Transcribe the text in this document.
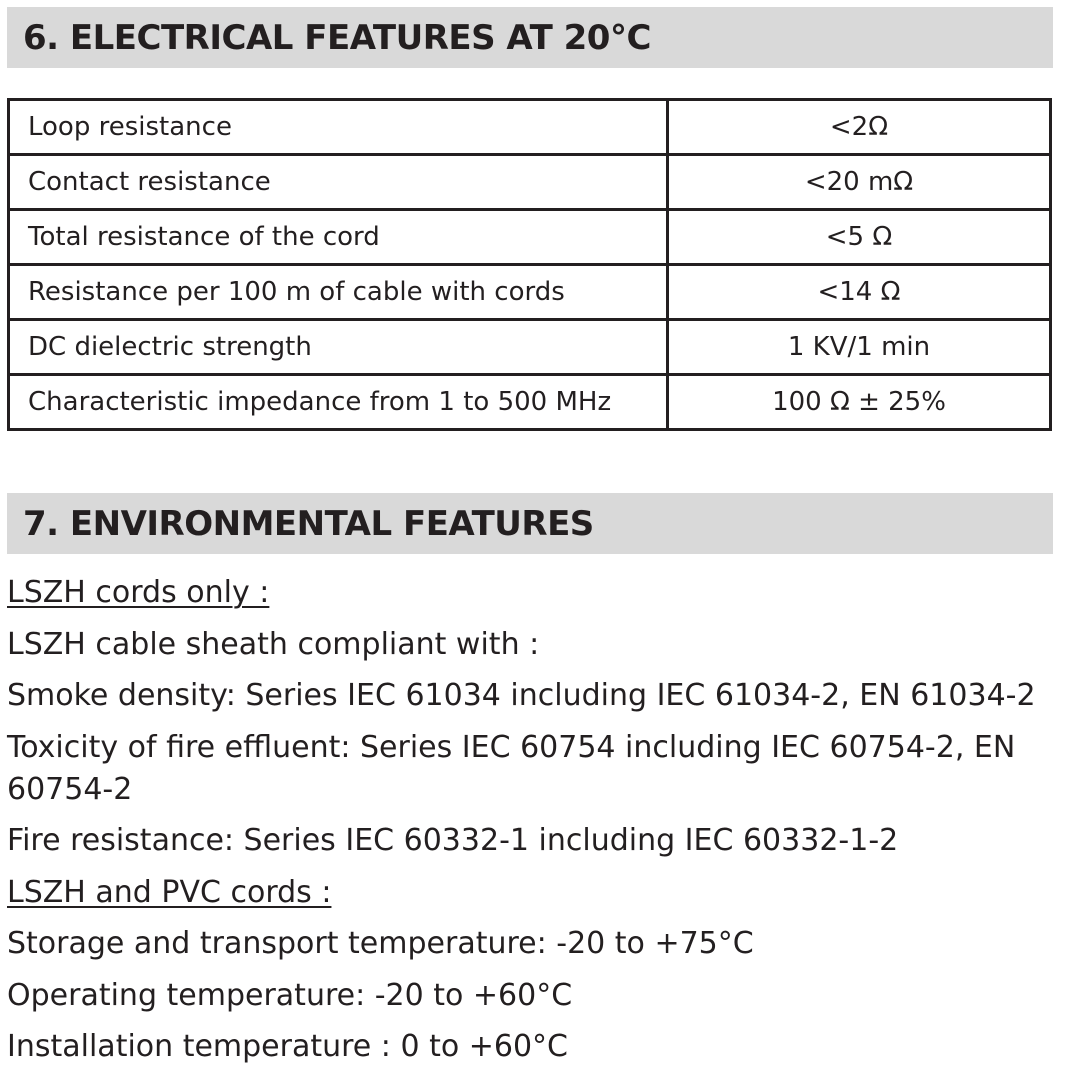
6. ELECTRICAL FEATURES AT 20°C
Loop resistance	<2Ω
Contact resistance	<20 mΩ
Total resistance of the cord	<5 Ω
Resistance per 100 m of cable with cords	<14 Ω
DC dielectric strength	1 KV/1 min
Characteristic impedance from 1 to 500 MHz	100 Ω ± 25%
7. ENVIRONMENTAL FEATURES

LSZH cords only :

LSZH cable sheath compliant with :

Smoke density: Series IEC 61034 including IEC 61034-2, EN 61034-2

Toxicity of fire effluent: Series IEC 60754 including IEC 60754-2, EN 60754-2

Fire resistance: Series IEC 60332-1 including IEC 60332-1-2

LSZH and PVC cords :

Storage and transport temperature: -20 to +75°C

Operating temperature: -20 to +60°C

Installation temperature : 0 to +60°C
